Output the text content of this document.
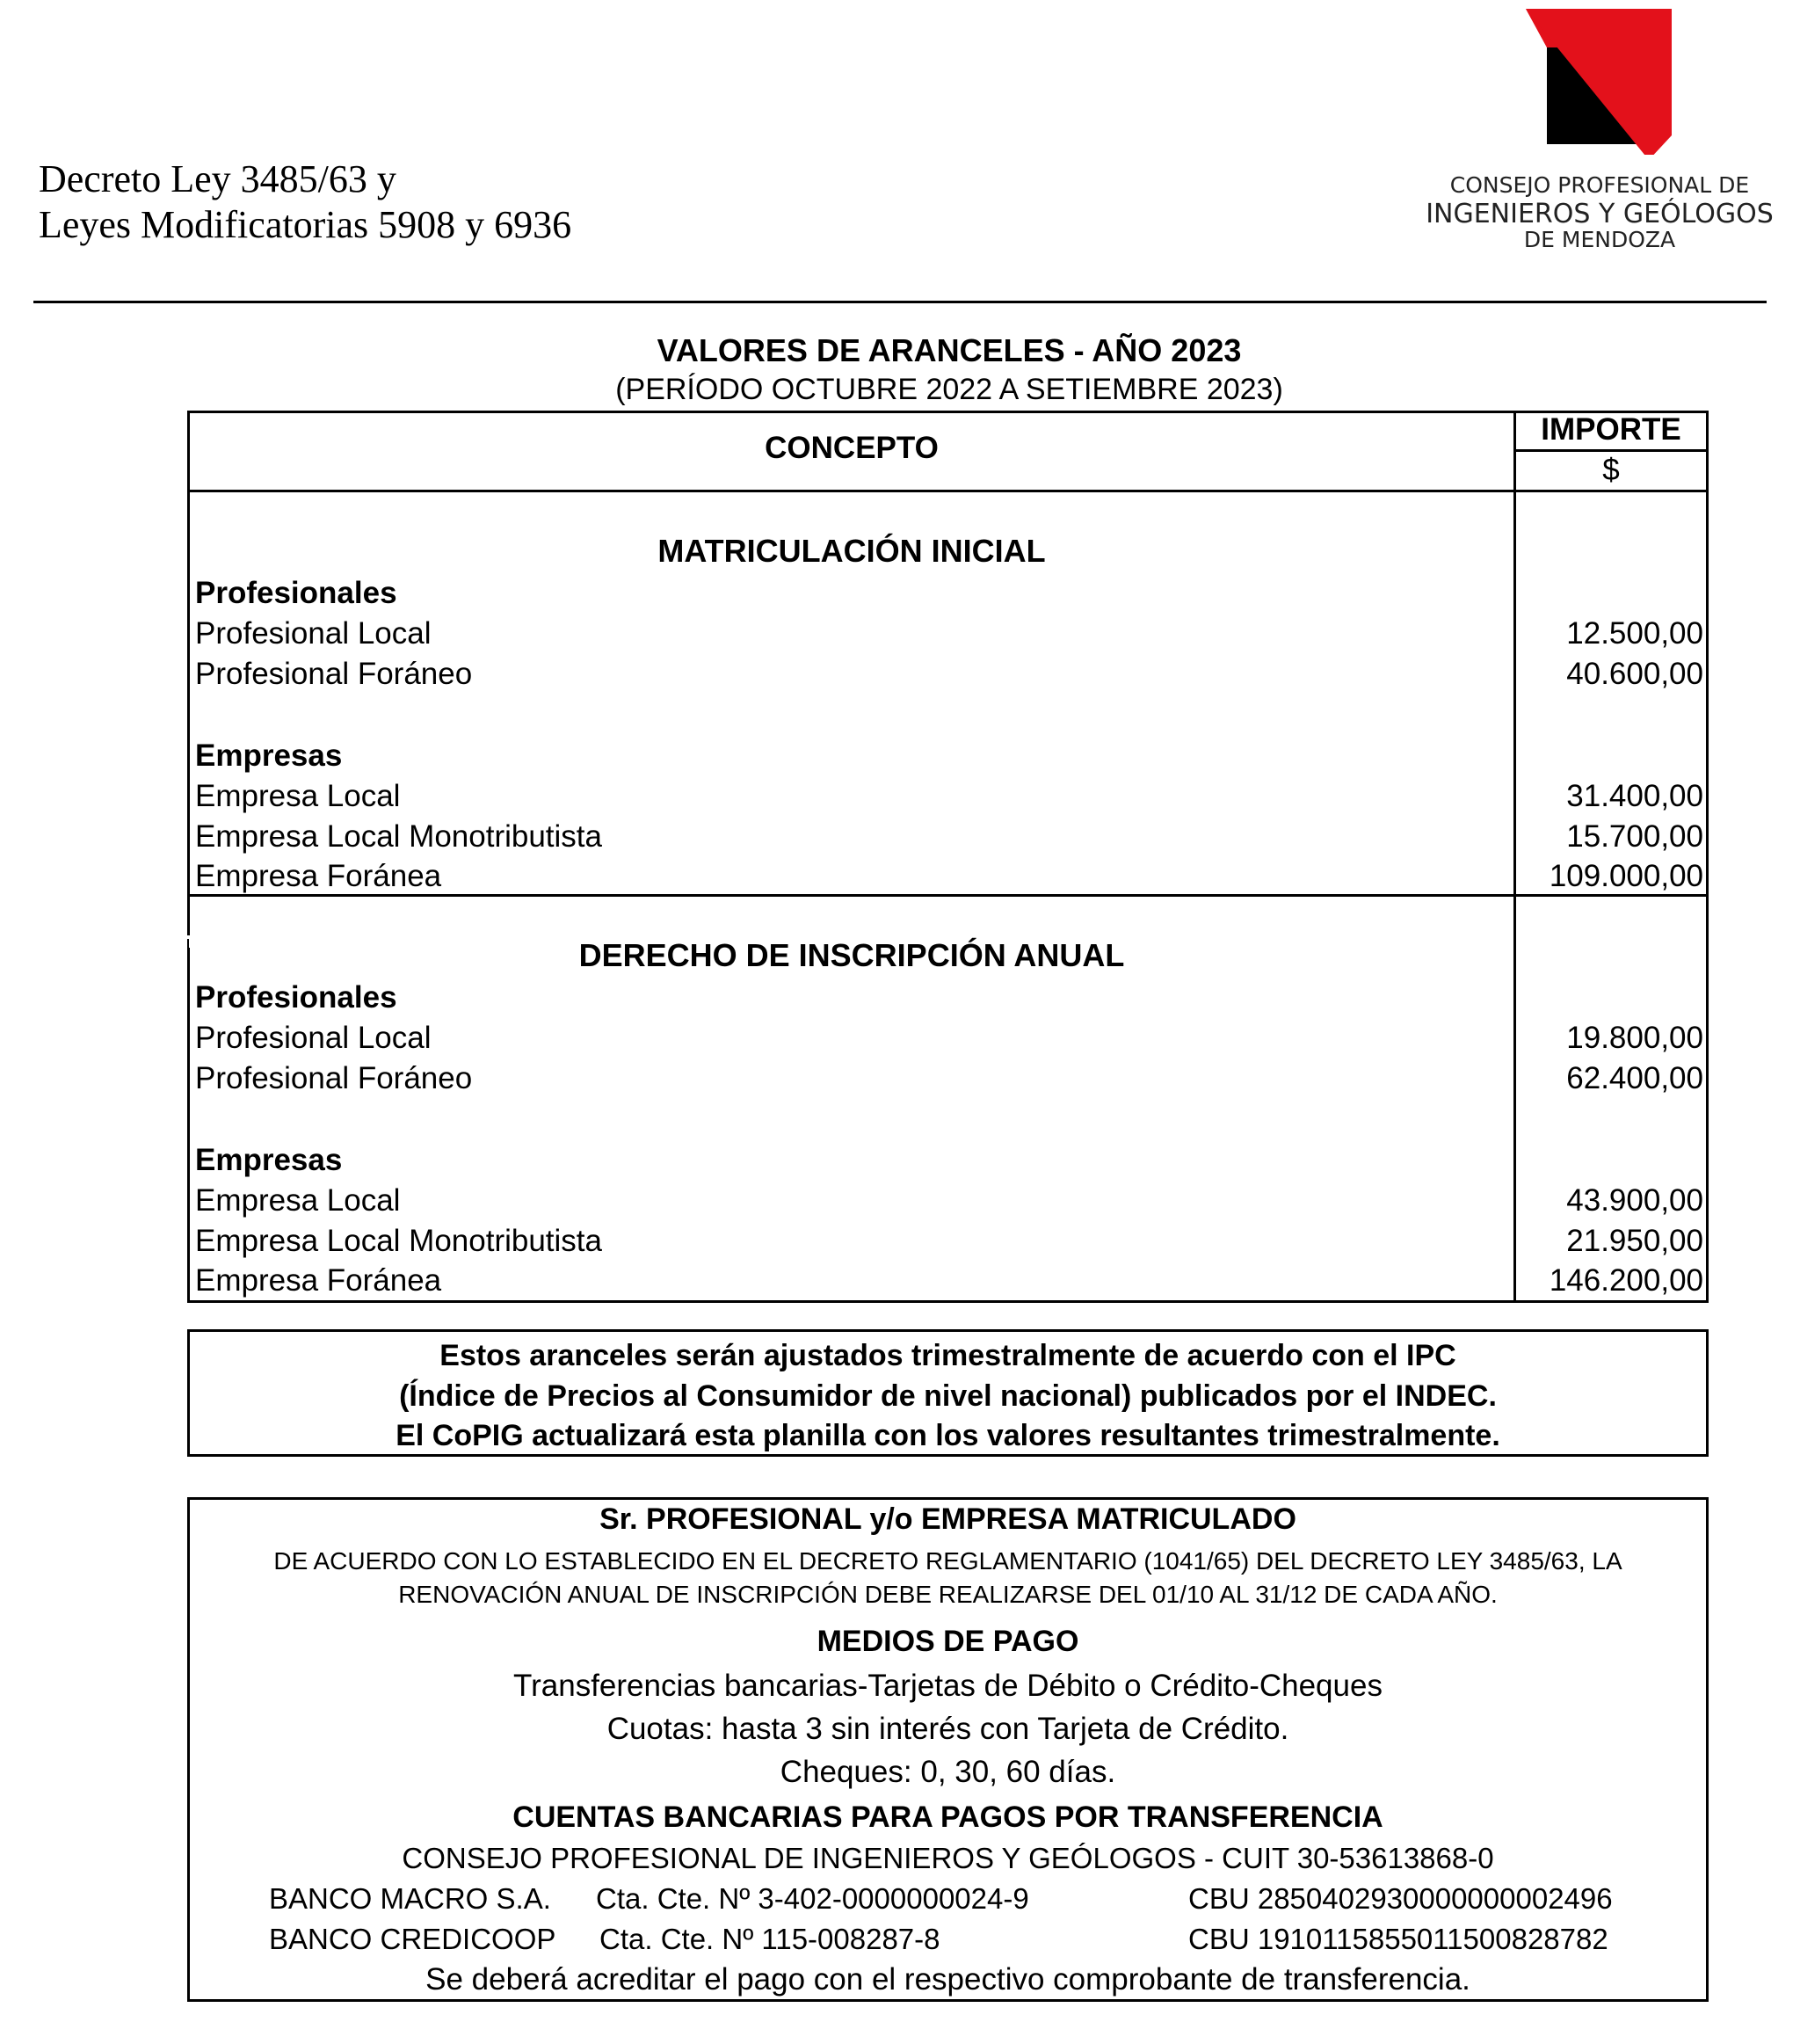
Decreto Ley 3485/63 y
Leyes Modificatorias 5908 y 6936
CONSEJO PROFESIONAL DE
INGENIEROS Y GEÓLOGOS
DE MENDOZA
VALORES DE ARANCELES - AÑO 2023
(PERÍODO OCTUBRE 2022 A SETIEMBRE 2023)
CONCEPTO
IMPORTE
$
MATRICULACIÓN INICIAL
Profesionales
Profesional Local	12.500,00
Profesional Foráneo	40.600,00
Empresas
Empresa Local	31.400,00
Empresa Local Monotributista	15.700,00
Empresa Foránea	109.000,00
DERECHO DE INSCRIPCIÓN ANUAL
Profesionales
Profesional Local	19.800,00
Profesional Foráneo	62.400,00
Empresas
Empresa Local	43.900,00
Empresa Local Monotributista	21.950,00
Empresa Foránea	146.200,00
Estos aranceles serán ajustados trimestralmente de acuerdo con el IPC
(Índice de Precios al Consumidor de nivel nacional) publicados por el INDEC.
El CoPIG actualizará esta planilla con los valores resultantes trimestralmente.
Sr. PROFESIONAL y/o EMPRESA MATRICULADO
DE ACUERDO CON LO ESTABLECIDO EN EL DECRETO REGLAMENTARIO (1041/65) DEL DECRETO LEY 3485/63, LA
RENOVACIÓN ANUAL DE INSCRIPCIÓN DEBE REALIZARSE DEL 01/10 AL 31/12 DE CADA AÑO.
MEDIOS DE PAGO
Transferencias bancarias-Tarjetas de Débito o Crédito-Cheques
Cuotas: hasta 3 sin interés con Tarjeta de Crédito.
Cheques: 0, 30, 60 días.
CUENTAS BANCARIAS PARA PAGOS POR TRANSFERENCIA
CONSEJO PROFESIONAL DE INGENIEROS Y GEÓLOGOS - CUIT 30-53613868-0
BANCO MACRO S.A. Cta. Cte. Nº 3-402-0000000024-9	CBU 2850402930000000002496
BANCO CREDICOOP Cta. Cte. Nº 115-008287-8	CBU 1910115855011500828782
Se deberá acreditar el pago con el respectivo comprobante de transferencia.
